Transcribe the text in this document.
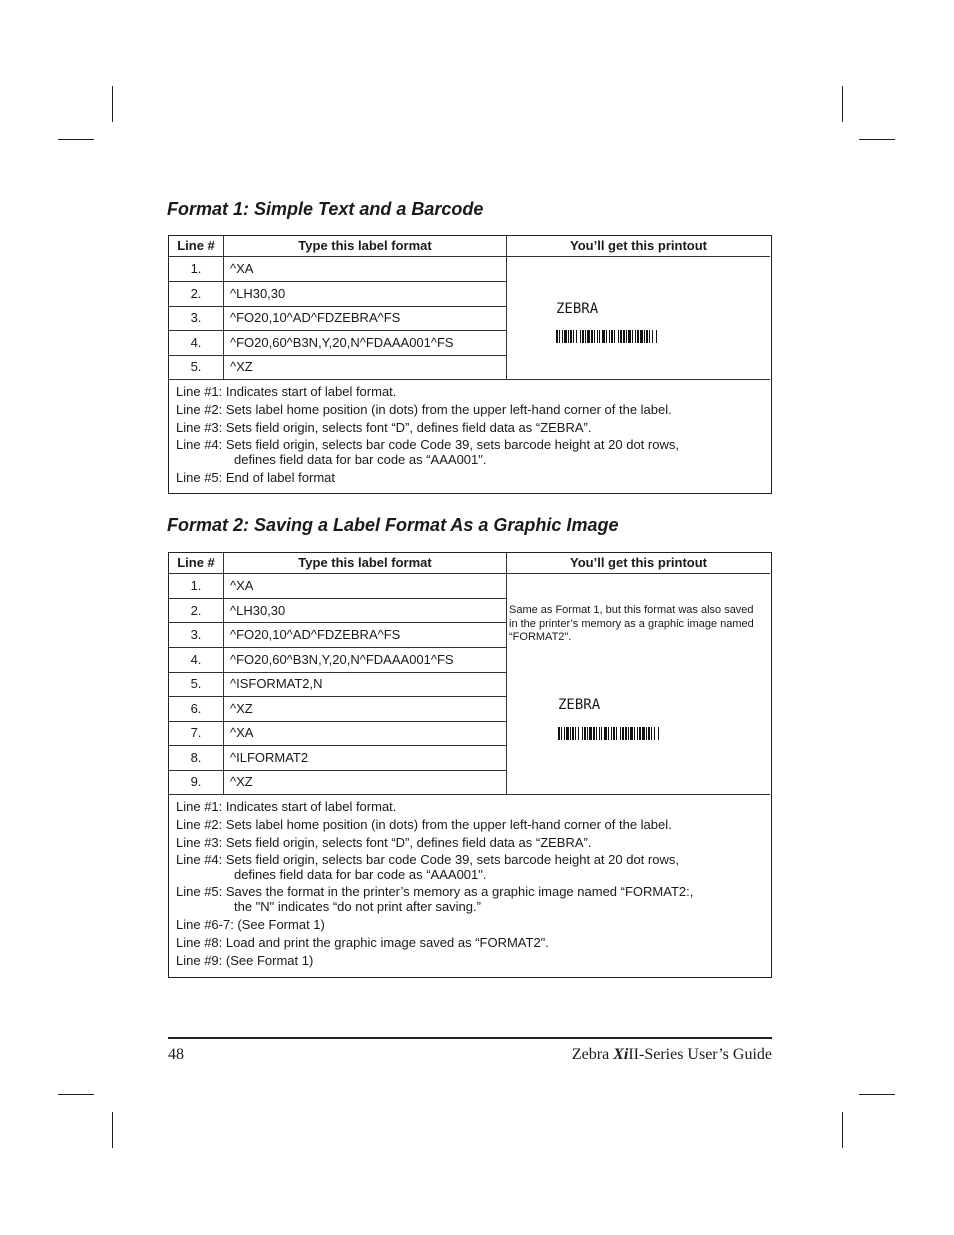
Format 1: Simple Text and a Barcode
Line #	Type this label format	You’ll get this printout
1.	^XA
2.	^LH30,30
3.	^FO20,10^AD^FDZEBRA^FS
4.	^FO20,60^B3N,Y,20,N^FDAAA001^FS
5.	^XZ
ZEBRA
Line #1: Indicates start of label format.
Line #2: Sets label home position (in dots) from the upper left-hand corner of the label.
Line #3: Sets field origin, selects font “D”, defines field data as “ZEBRA”.
Line #4: Sets field origin, selects bar code Code 39, sets barcode height at 20 dot rows,
defines field data for bar code as “AAA001".
Line #5: End of label format
Format 2: Saving a Label Format As a Graphic Image
Line #	Type this label format	You’ll get this printout
1.	^XA
2.	^LH30,30
3.	^FO20,10^AD^FDZEBRA^FS
4.	^FO20,60^B3N,Y,20,N^FDAAA001^FS
5.	^ISFORMAT2,N
6.	^XZ
7.	^XA
8.	^ILFORMAT2
9.	^XZ
Same as Format 1, but this format was also saved in the printer’s memory as a graphic image named “FORMAT2".
ZEBRA
Line #1: Indicates start of label format.
Line #2: Sets label home position (in dots) from the upper left-hand corner of the label.
Line #3: Sets field origin, selects font “D”, defines field data as “ZEBRA”.
Line #4: Sets field origin, selects bar code Code 39, sets barcode height at 20 dot rows,
defines field data for bar code as “AAA001".
Line #5: Saves the format in the printer’s memory as a graphic image named “FORMAT2:,
the "N" indicates “do not print after saving.”
Line #6-7: (See Format 1)
Line #8: Load and print the graphic image saved as “FORMAT2".
Line #9: (See Format 1)
48	Zebra XiII-Series User’s Guide
